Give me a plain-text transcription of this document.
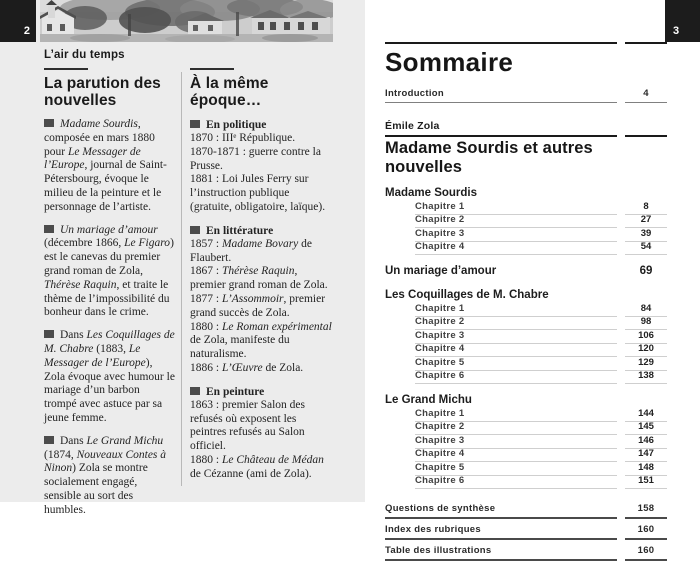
2
L’air du temps
La parution des nouvelles
Madame Sourdis, composée en mars 1880 pour Le Messager de l’Europe, journal de Saint-Pétersbourg, évoque le milieu de la peinture et le personnage de l’artiste.
Un mariage d’amour (décembre 1866, Le Figaro) est le canevas du premier grand roman de Zola, Thérèse Raquin, et traite le thème de l’impossibilité du bonheur dans le crime.
Dans Les Coquillages de M. Chabre (1883, Le Messager de l’Europe), Zola évoque avec humour le mariage d’un barbon trompé avec astuce par sa jeune femme.
Dans Le Grand Michu (1874, Nouveaux Contes à Ninon) Zola se montre socialement engagé, sensible au sort des humbles.
À la même époque…
En politique
1870 : IIIᵉ République.
1870-1871 : guerre contre la Prusse.
1881 : Loi Jules Ferry sur l’instruction publique (gratuite, obligatoire, laïque).
En littérature
1857 : Madame Bovary de Flaubert.
1867 : Thérèse Raquin, premier grand roman de Zola.
1877 : L’Assommoir, premier grand succès de Zola.
1880 : Le Roman expérimental de Zola, manifeste du naturalisme.
1886 : L’Œuvre de Zola.
En peinture
1863 : premier Salon des refusés où exposent les peintres refusés au Salon officiel.
1880 : Le Château de Médan de Cézanne (ami de Zola).
3
Sommaire
Introduction	4
Émile Zola
Madame Sourdis et autres nouvelles
Madame Sourdis
Chapitre 1	8
Chapitre 2	27
Chapitre 3	39
Chapitre 4	54
Un mariage d’amour	69
Les Coquillages de M. Chabre
Chapitre 1	84
Chapitre 2	98
Chapitre 3	106
Chapitre 4	120
Chapitre 5	129
Chapitre 6	138
Le Grand Michu
Chapitre 1	144
Chapitre 2	145
Chapitre 3	146
Chapitre 4	147
Chapitre 5	148
Chapitre 6	151
Questions de synthèse	158
Index des rubriques	160
Table des illustrations	160
